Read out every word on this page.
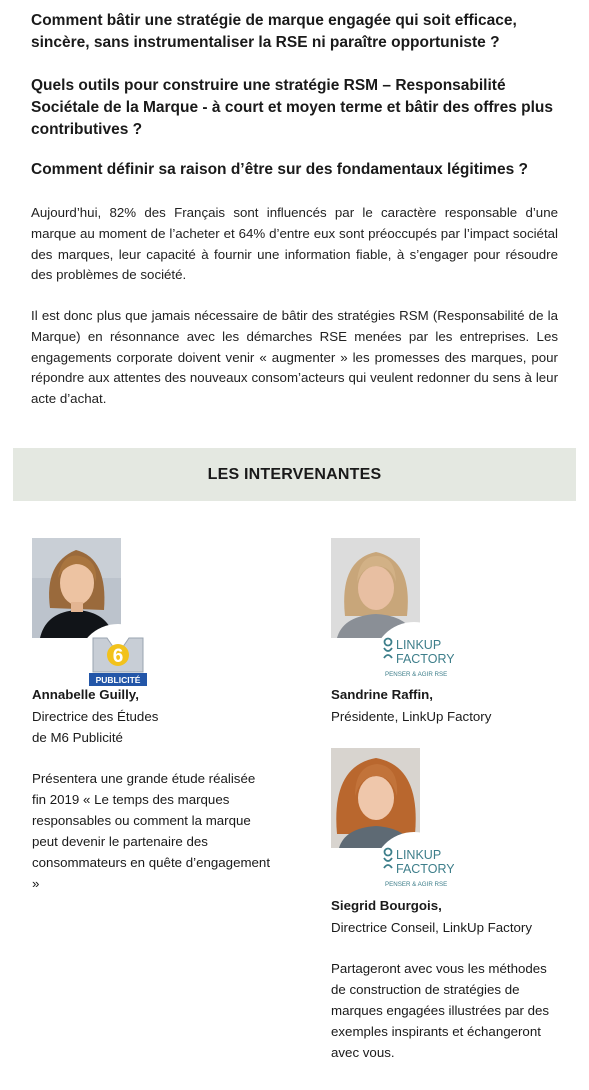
Comment bâtir une stratégie de marque engagée qui soit efficace, sincère, sans instrumentaliser la RSE ni paraître opportuniste ?

Quels outils pour construire une stratégie RSM – Responsabilité Sociétale de la Marque - à court et moyen terme et bâtir des offres plus contributives ?

Comment définir sa raison d’être sur des fondamentaux légitimes ?

Aujourd’hui, 82% des Français sont influencés par le caractère responsable d’une marque au moment de l’acheter et 64% d’entre eux sont préoccupés par l’impact sociétal des marques, leur capacité à fournir une information fiable, à s’engager pour résoudre des problèmes de société.

Il est donc plus que jamais nécessaire de bâtir des stratégies RSM (Responsabilité de la Marque) en résonnance avec les démarches RSE menées par les entreprises. Les engagements corporate doivent venir « augmenter » les promesses des marques, pour répondre aux attentes des nouveaux consom’acteurs qui veulent redonner du sens à leur acte d’achat.

LES INTERVENANTES
6
PUBLICITÉ

Annabelle Guilly,

Directrice des Études

de M6 Publicité

Présentera une grande étude réalisée fin 2019 « Le temps des marques responsables ou comment la marque peut devenir le partenaire des consommateurs en quête d’engagement »

LINKUP
FACTORY
PENSER & AGIR RSE

Sandrine Raffin,

Présidente, LinkUp Factory

LINKUP
FACTORY
PENSER & AGIR RSE

Siegrid Bourgois,

Directrice Conseil, LinkUp Factory

Partageront avec vous les méthodes de construction de stratégies de marques engagées illustrées par des exemples inspirants et échangeront avec vous.
